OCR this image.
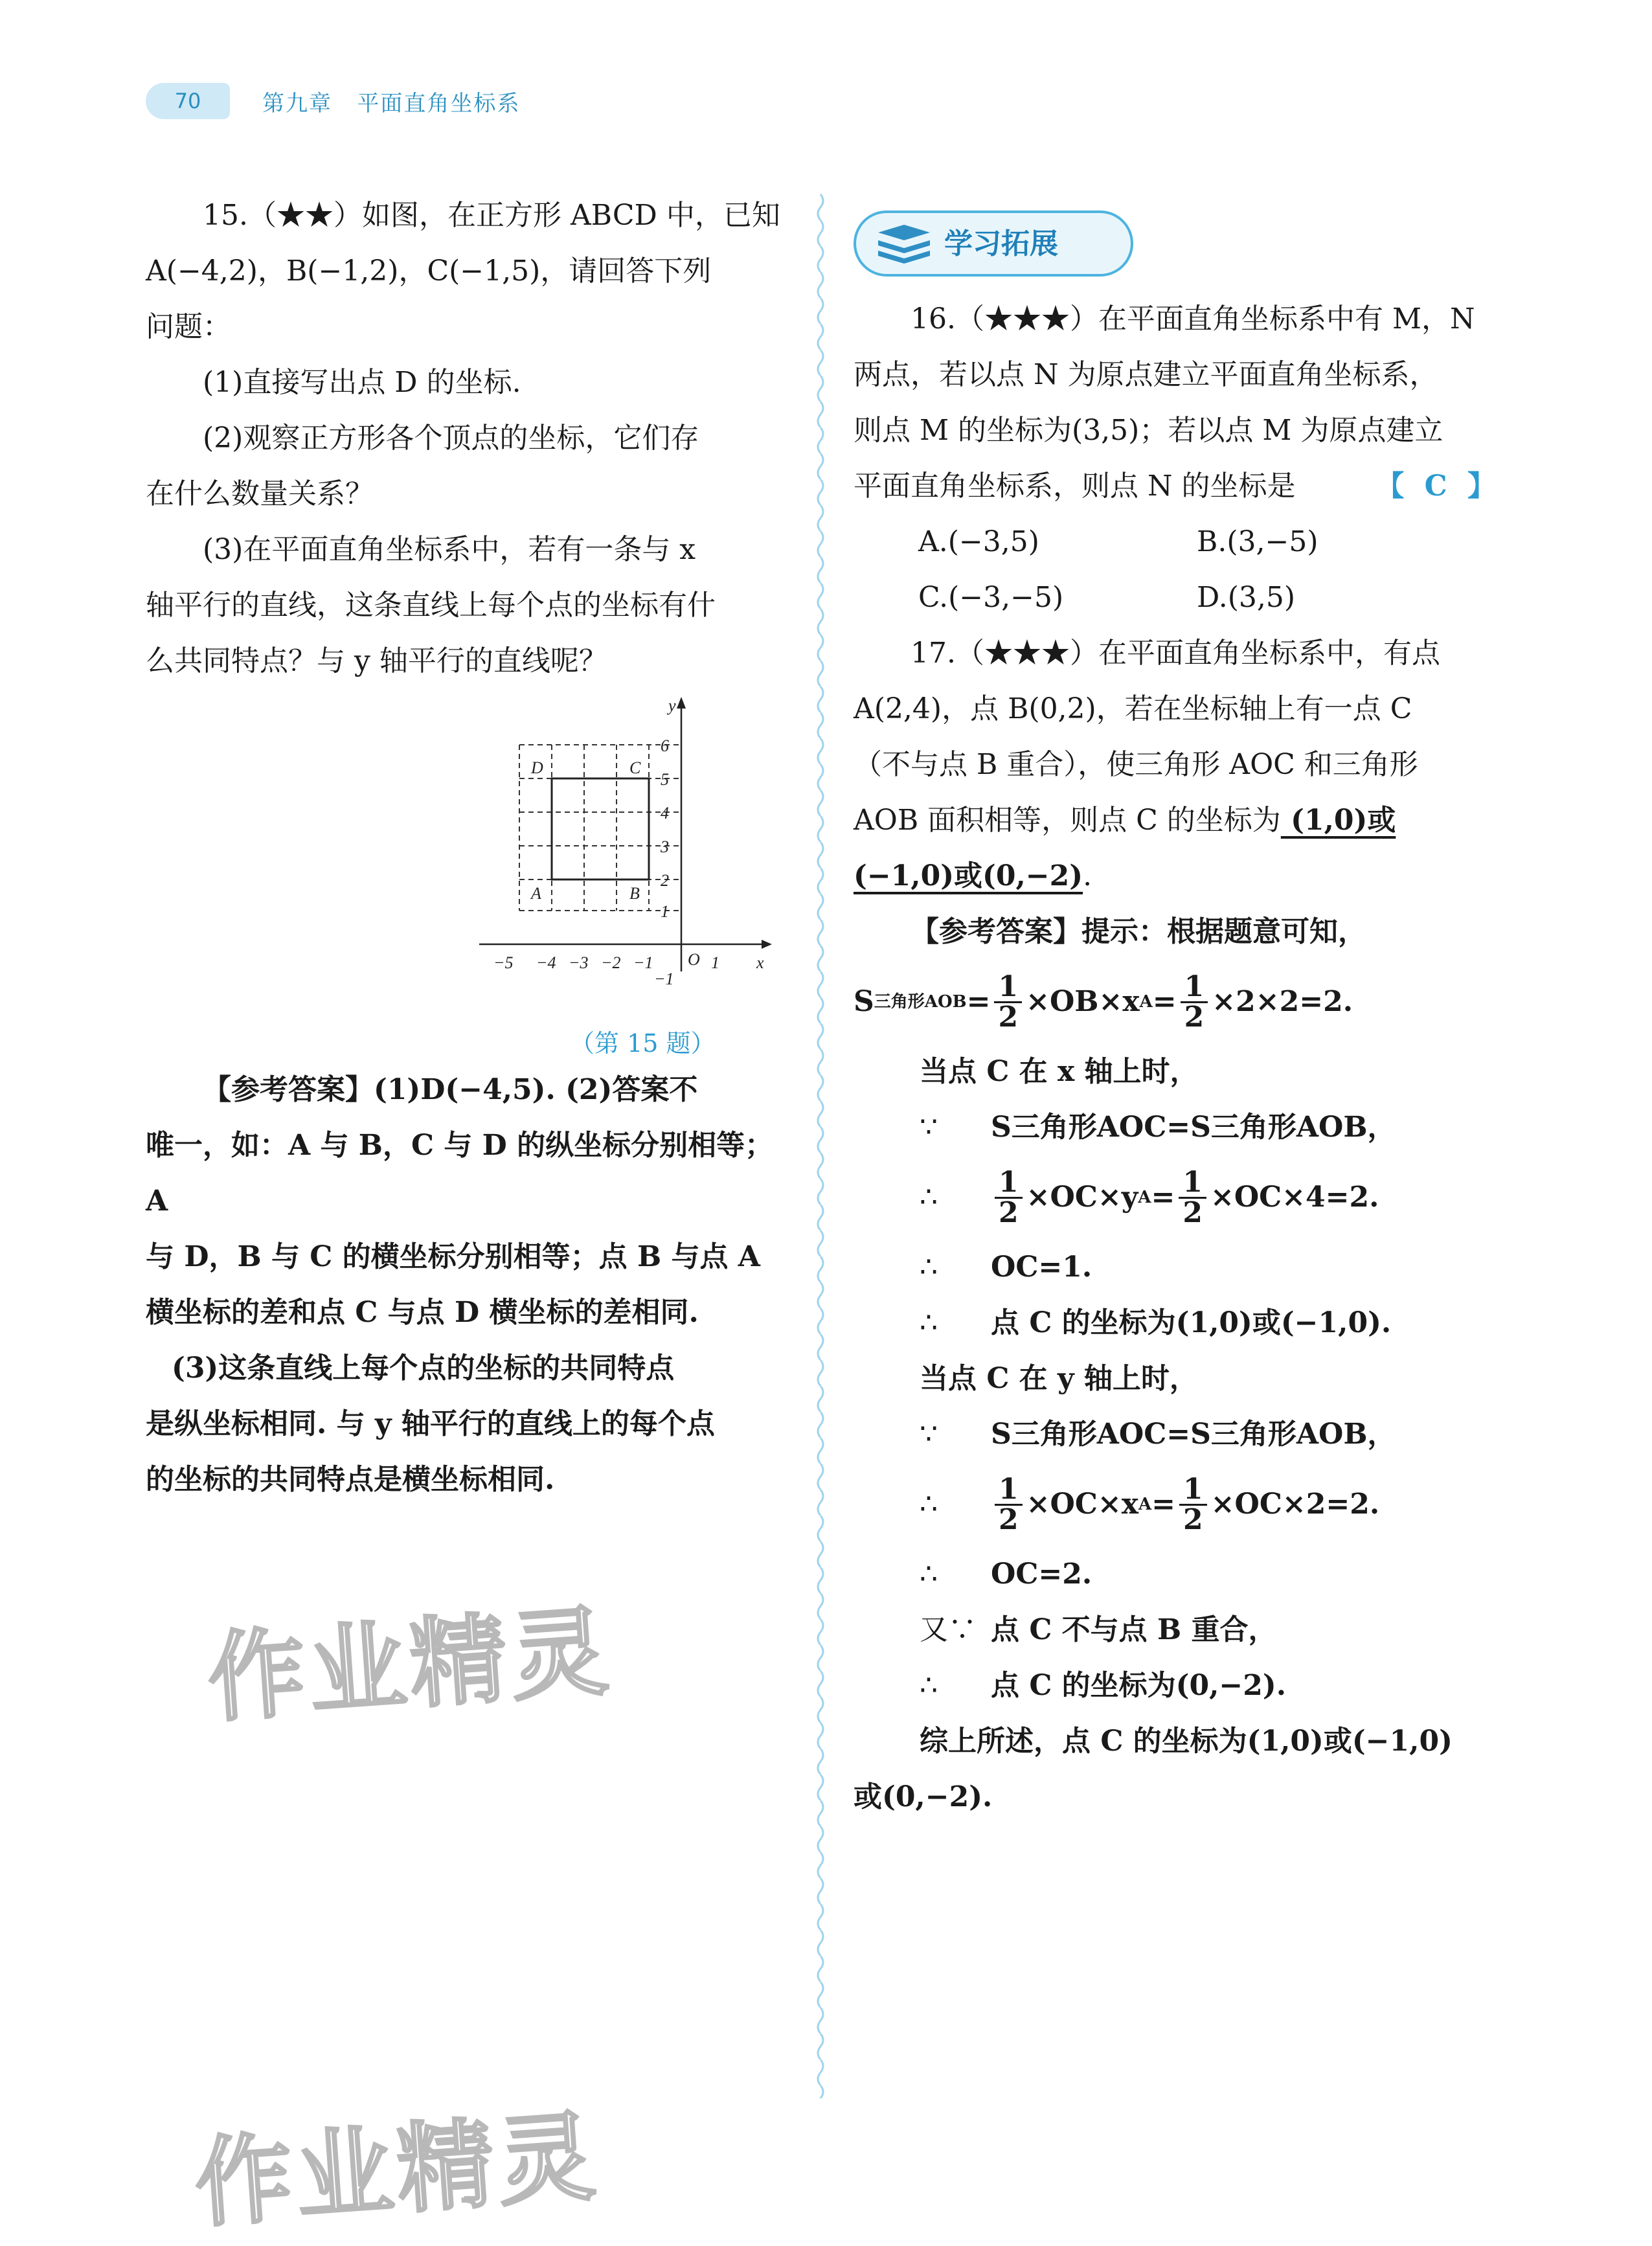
70	第九章   平面直角坐标系

15.（★★）如图，在正方形 ABCD 中，已知

A(−4,2)，B(−1,2)，C(−1,5)，请回答下列

问题：

(1)直接写出点 D 的坐标.

(2)观察正方形各个顶点的坐标，它们存

在什么数量关系？

(3)在平面直角坐标系中，若有一条与 x

轴平行的直线，这条直线上每个点的坐标有什

么共同特点？与 y 轴平行的直线呢？

−5 −4 −3 −2 −1 O 1 x
6
5
4
3
2
1
−1
y
A	B
C
D
（第 15 题）

【参考答案】(1)D(−4,5). (2)答案不

唯一，如：A 与 B，C 与 D 的纵坐标分别相等；A

与 D，B 与 C 的横坐标分别相等；点 B 与点 A

横坐标的差和点 C 与点 D 横坐标的差相同.

(3)这条直线上每个点的坐标的共同特点

是纵坐标相同. 与 y 轴平行的直线上的每个点

的坐标的共同特点是横坐标相同.

学习拓展

16.（★★★）在平面直角坐标系中有 M，N

两点，若以点 N 为原点建立平面直角坐标系，

则点 M 的坐标为(3,5)；若以点 M 为原点建立

平面直角坐标系，则点 N 的坐标是	【 C 】

A.(−3,5)	B.(3,−5)
C.(−3,−5)	D.(3,5)

17.（★★★）在平面直角坐标系中，有点

A(2,4)，点 B(0,2)，若在坐标轴上有一点 C

（不与点 B 重合），使三角形 AOC 和三角形

AOB 面积相等，则点 C 的坐标为 (1,0)或

(−1,0)或(0,−2).

【参考答案】提示：根据题意可知，

S 三角形AOB = $\frac{1}{2} \times OB\times x$ $A = \frac{1}{2} \times 2\times 2=2$.

当点 C 在 x 轴上时，

∵ S三角形AOC=S三角形AOB，

∴	$\frac{1}{2} \times OC\times y$ $A = \frac{1}{2} \times OC\times 4=2$.

∴ OC=1.

∴ 点 C 的坐标为(1,0)或(−1,0).

当点 C 在 y 轴上时，

∵ S三角形AOC=S三角形AOB，

∴	$\frac{1}{2} \times OC\times x$ $A = \frac{1}{2} \times OC\times 2=2$.

∴ OC=2.

又∵ 点 C 不与点 B 重合，

∴ 点 C 的坐标为(0,−2).

综上所述，点 C 的坐标为(1,0)或(−1,0)

或(0,−2).

作业精灵
作业精灵
